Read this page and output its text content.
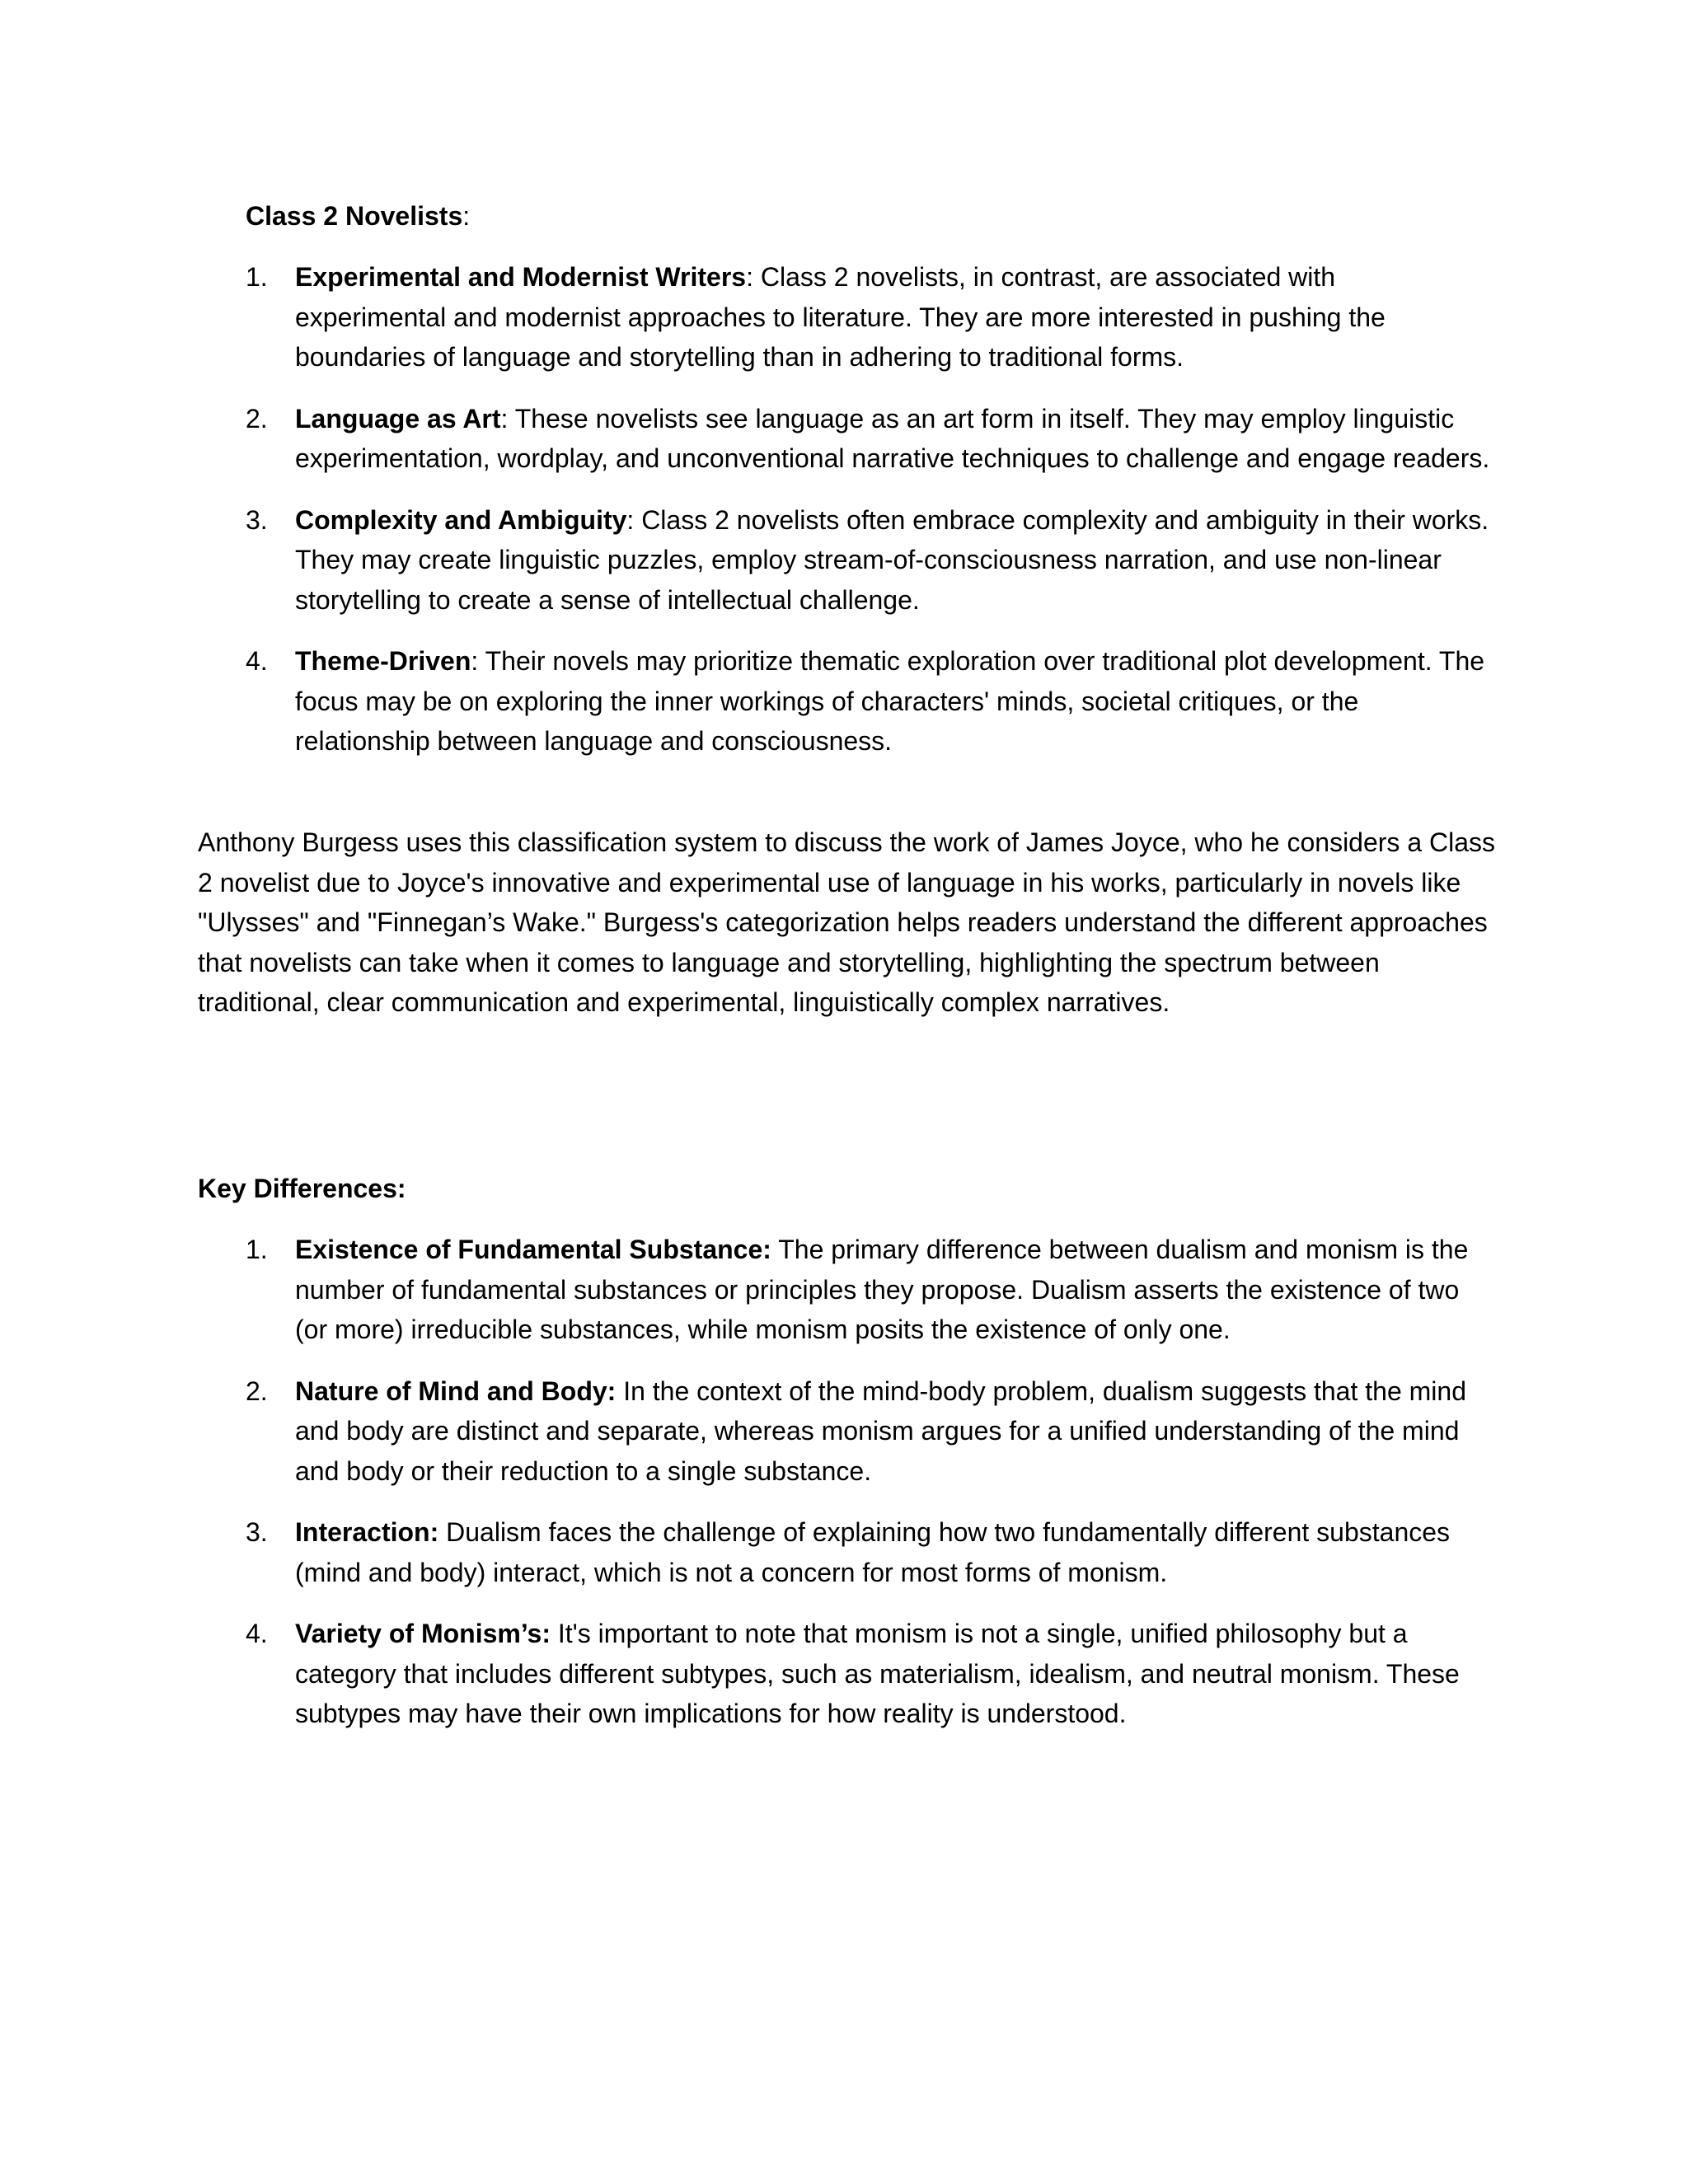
Class 2 Novelists:
1. Experimental and Modernist Writers: Class 2 novelists, in contrast, are associated with experimental and modernist approaches to literature. They are more interested in pushing the boundaries of language and storytelling than in adhering to traditional forms.
2. Language as Art: These novelists see language as an art form in itself. They may employ linguistic experimentation, wordplay, and unconventional narrative techniques to challenge and engage readers.
3. Complexity and Ambiguity: Class 2 novelists often embrace complexity and ambiguity in their works. They may create linguistic puzzles, employ stream-of-consciousness narration, and use non-linear storytelling to create a sense of intellectual challenge.
4. Theme-Driven: Their novels may prioritize thematic exploration over traditional plot development. The focus may be on exploring the inner workings of characters' minds, societal critiques, or the relationship between language and consciousness.

Anthony Burgess uses this classification system to discuss the work of James Joyce, who he considers a Class 2 novelist due to Joyce's innovative and experimental use of language in his works, particularly in novels like "Ulysses" and "Finnegan’s Wake." Burgess's categorization helps readers understand the different approaches that novelists can take when it comes to language and storytelling, highlighting the spectrum between traditional, clear communication and experimental, linguistically complex narratives.

Key Differences:
1. Existence of Fundamental Substance: The primary difference between dualism and monism is the number of fundamental substances or principles they propose. Dualism asserts the existence of two (or more) irreducible substances, while monism posits the existence of only one.
2. Nature of Mind and Body: In the context of the mind-body problem, dualism suggests that the mind and body are distinct and separate, whereas monism argues for a unified understanding of the mind and body or their reduction to a single substance.
3. Interaction: Dualism faces the challenge of explaining how two fundamentally different substances (mind and body) interact, which is not a concern for most forms of monism.
4. Variety of Monism’s: It's important to note that monism is not a single, unified philosophy but a category that includes different subtypes, such as materialism, idealism, and neutral monism. These subtypes may have their own implications for how reality is understood.
